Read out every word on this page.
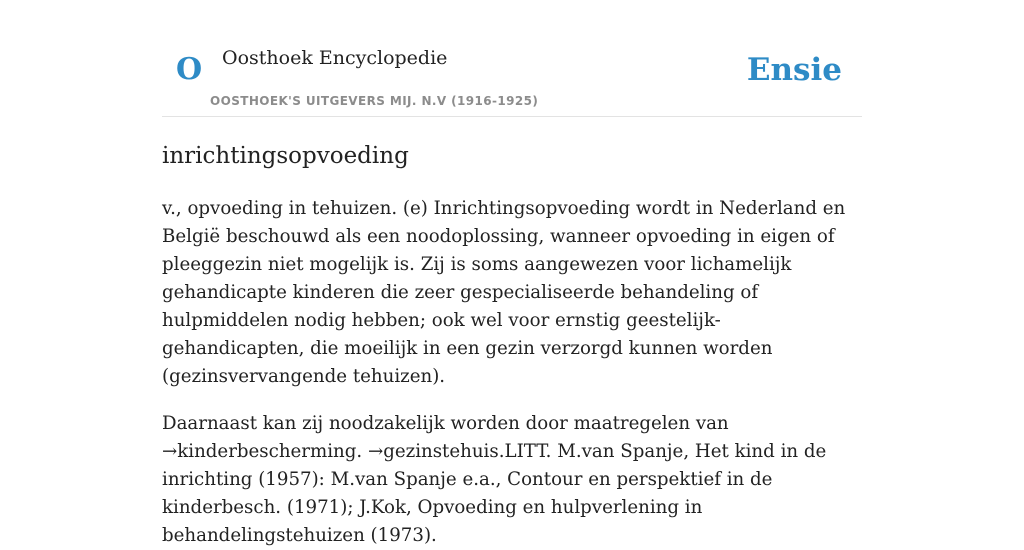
O Oosthoek Encyclopedie
OOSTHOEK'S UITGEVERS MIJ. N.V (1916-1925)
Ensie
inrichtingsopvoeding

v., opvoeding in tehuizen. (e) Inrichtingsopvoeding wordt in Nederland en België beschouwd als een noodoplossing, wanneer opvoeding in eigen of pleeggezin niet mogelijk is. Zij is soms aangewezen voor lichamelijk gehandicapte kinderen die zeer gespecialiseerde behandeling of hulpmiddelen nodig hebben; ook wel voor ernstig geestelijk-gehandicapten, die moeilijk in een gezin verzorgd kunnen worden (gezinsvervangende tehuizen).

Daarnaast kan zij noodzakelijk worden door maatregelen van →kinderbescherming. →gezinstehuis.LITT. M.van Spanje, Het kind in de inrichting (1957): M.van Spanje e.a., Contour en perspektief in de kinderbesch. (1971); J.Kok, Opvoeding en hulpverlening in behandelingstehuizen (1973).
